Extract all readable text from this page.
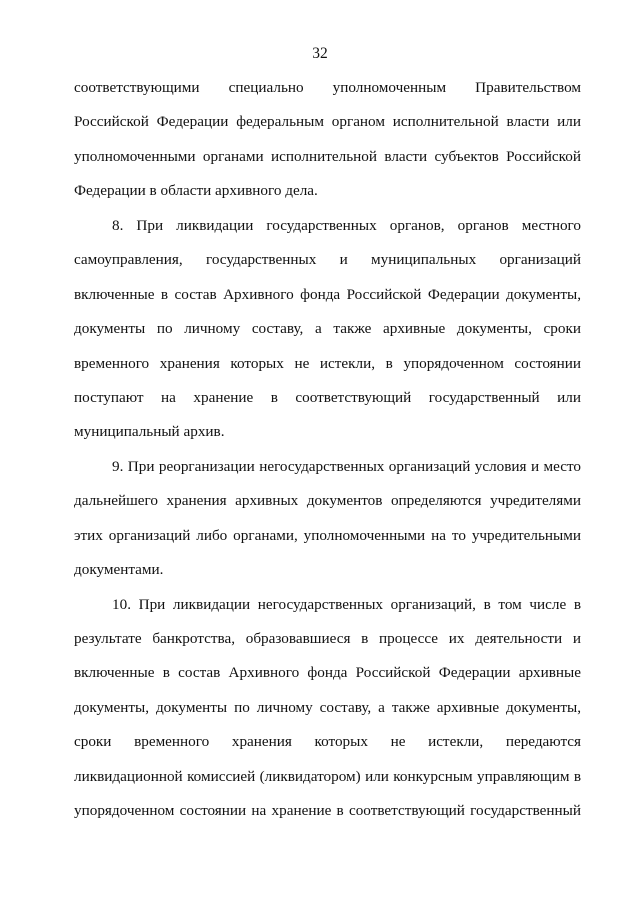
32
соответствующими специально уполномоченным Правительством
Российской Федерации федеральным органом исполнительной власти или
уполномоченными органами исполнительной власти субъектов Российской
Федерации в области архивного дела.
8. При ликвидации государственных органов, органов местного
самоуправления, государственных и муниципальных организаций
включенные в состав Архивного фонда Российской Федерации документы,
документы по личному составу, а также архивные документы, сроки
временного хранения которых не истекли, в упорядоченном состоянии
поступают на хранение в соответствующий государственный или
муниципальный архив.
9. При реорганизации негосударственных организаций условия и место
дальнейшего хранения архивных документов определяются учредителями
этих организаций либо органами, уполномоченными на то учредительными
документами.
10. При ликвидации негосударственных организаций, в том числе в
результате банкротства, образовавшиеся в процессе их деятельности и
включенные в состав Архивного фонда Российской Федерации архивные
документы, документы по личному составу, а также архивные документы,
сроки временного хранения которых не истекли, передаются
ликвидационной комиссией (ликвидатором) или конкурсным управляющим в
упорядоченном состоянии на хранение в соответствующий государственный
